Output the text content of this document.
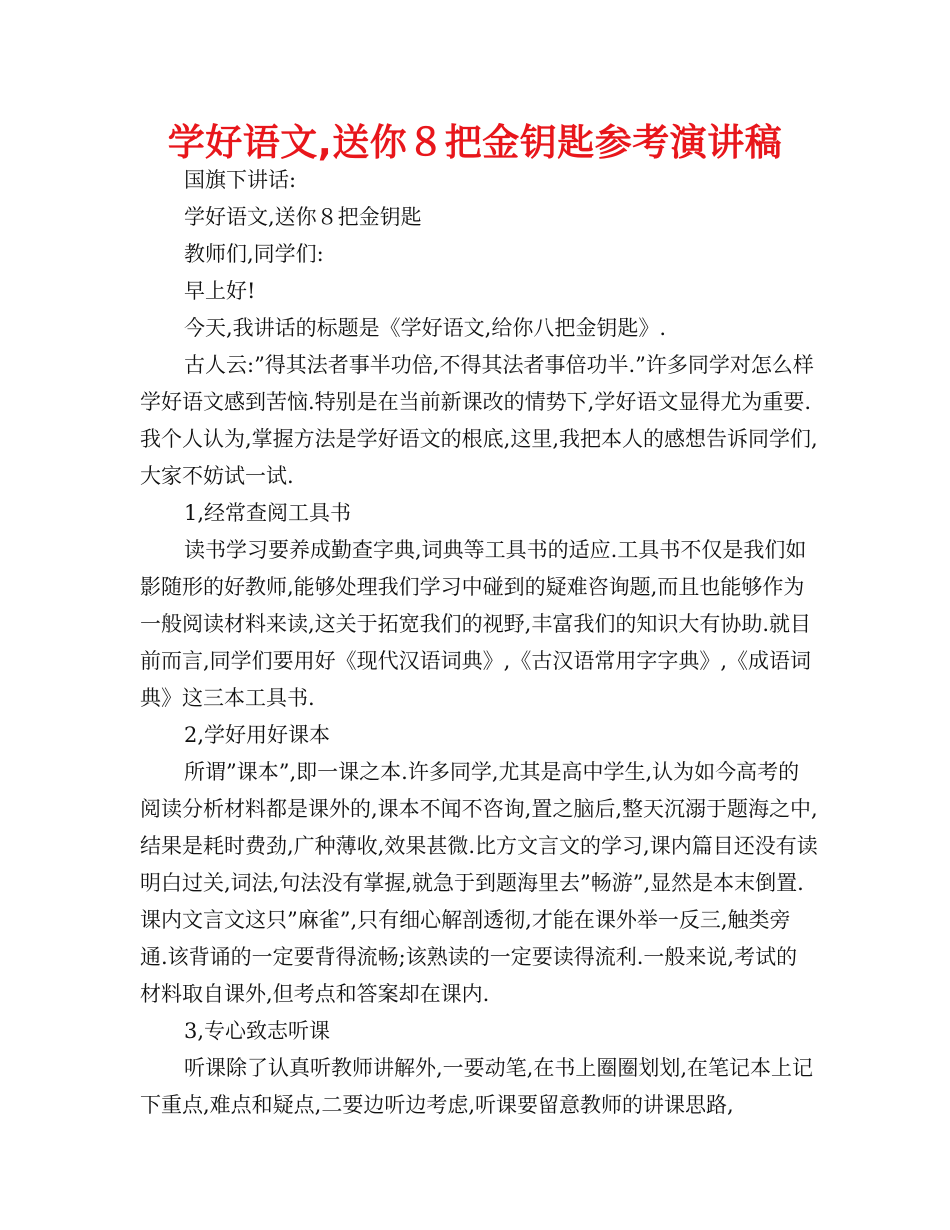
学好语文,送你８把金钥匙参考演讲稿

国旗下讲话:

学好语文,送你８把金钥匙

教师们,同学们:

早上好!

今天,我讲话的标题是《学好语文,给你八把金钥匙》.

古人云:”得其法者事半功倍,不得其法者事倍功半.”许多同学对怎么样学好语文感到苦恼.特别是在当前新课改的情势下,学好语文显得尤为重要.我个人认为,掌握方法是学好语文的根底,这里,我把本人的感想告诉同学们,大家不妨试一试.

1,经常查阅工具书

读书学习要养成勤查字典,词典等工具书的适应.工具书不仅是我们如影随形的好教师,能够处理我们学习中碰到的疑难咨询题,而且也能够作为一般阅读材料来读,这关于拓宽我们的视野,丰富我们的知识大有协助.就目前而言,同学们要用好《现代汉语词典》,《古汉语常用字字典》,《成语词典》这三本工具书.

2,学好用好课本

所谓”课本”,即一课之本.许多同学,尤其是高中学生,认为如今高考的阅读分析材料都是课外的,课本不闻不咨询,置之脑后,整天沉溺于题海之中,结果是耗时费劲,广种薄收,效果甚微.比方文言文的学习,课内篇目还没有读明白过关,词法,句法没有掌握,就急于到题海里去”畅游”,显然是本末倒置.课内文言文这只”麻雀”,只有细心解剖透彻,才能在课外举一反三,触类旁通.该背诵的一定要背得流畅;该熟读的一定要读得流利.一般来说,考试的材料取自课外,但考点和答案却在课内.

3,专心致志听课

听课除了认真听教师讲解外,一要动笔,在书上圈圈划划,在笔记本上记下重点,难点和疑点,二要边听边考虑,听课要留意教师的讲课思路,
